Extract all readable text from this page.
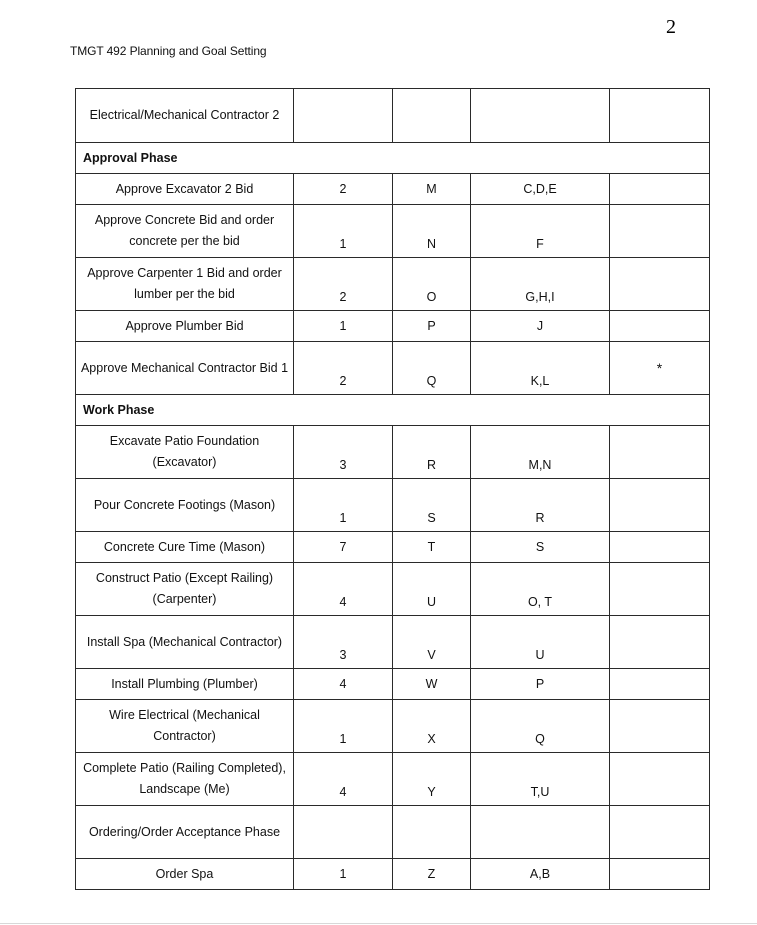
2
TMGT 492 Planning and Goal Setting
Electrical/Mechanical Contractor 2				
Approval Phase				
Approve Excavator 2 Bid	2	M	C,D,E	
Approve Concrete Bid and order concrete per the bid	1	N	F	
Approve Carpenter 1 Bid and order lumber per the bid	2	O	G,H,I	
Approve Plumber Bid	1	P	J	
Approve Mechanical Contractor Bid 1	2	Q	K,L	*
Work Phase				
Excavate Patio Foundation (Excavator)	3	R	M,N	
Pour Concrete Footings (Mason)	1	S	R	
Concrete Cure Time (Mason)	7	T	S	
Construct Patio (Except Railing) (Carpenter)	4	U	O, T	
Install Spa (Mechanical Contractor)	3	V	U	
Install Plumbing (Plumber)	4	W	P	
Wire Electrical (Mechanical Contractor)	1	X	Q	
Complete Patio (Railing Completed), Landscape (Me)	4	Y	T,U	
Ordering/Order Acceptance Phase				
Order Spa	1	Z	A,B	
